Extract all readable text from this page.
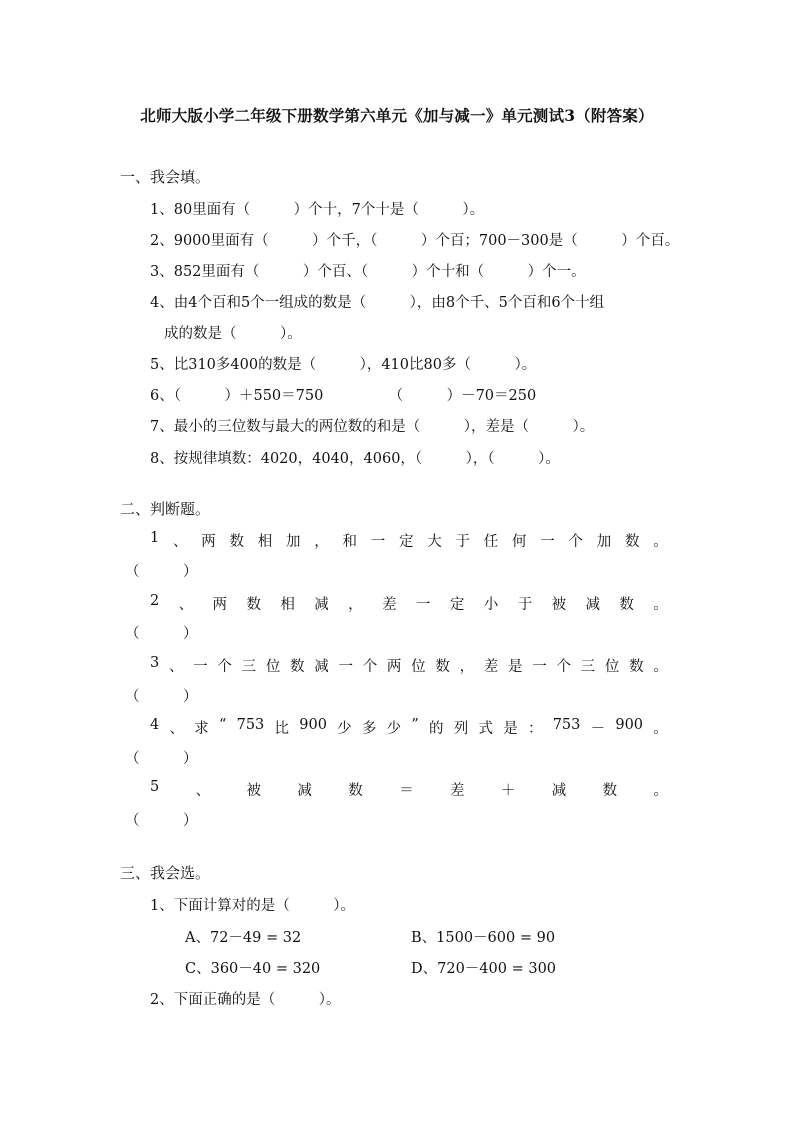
北师大版小学二年级下册数学第六单元《加与减一》单元测试3（附答案）
一、我会填。
1、80里面有（　　　）个十，7个十是（　　　）。
2、9000里面有（　　　）个千，（　　　）个百；700－300是（　　　）个百。
3、852里面有（　　　）个百、（　　　）个十和（　　　）个一。
4、由4个百和5个一组成的数是（　　　），由8个千、5个百和6个十组
成的数是（　　　）。
5、比310多400的数是（　　　），410比80多（　　　）。
6、（　　　）＋550＝750　　　　　（　　　）－70＝250
7、最小的三位数与最大的两位数的和是（　　　），差是（　　　）。
8、按规律填数：4020，4040，4060，（　　　），（　　　）。
二、判断题。
1 、 两 数 相 加 ， 和 一 定 大 于 任 何 一 个 加 数 。
（　　　）
2 、 两 数 相 减 ， 差 一 定 小 于 被 减 数 。
（　　　）
3 、 一 个 三 位 数 减 一 个 两 位 数 ， 差 是 一 个 三 位 数 。
（　　　）
4 、 求 “ 753 比 900 少 多 少 ” 的 列 式 是 ： 753 － 900 。
（　　　）
5	、	被	减	数	＝	差	＋	减	数	。
（　　　）
三、我会选。
1、下面计算对的是（　　　）。
A、72－49 = 32	B、1500－600 = 90
C、360－40 = 320	D、720－400 = 300
2、下面正确的是（　　　）。
